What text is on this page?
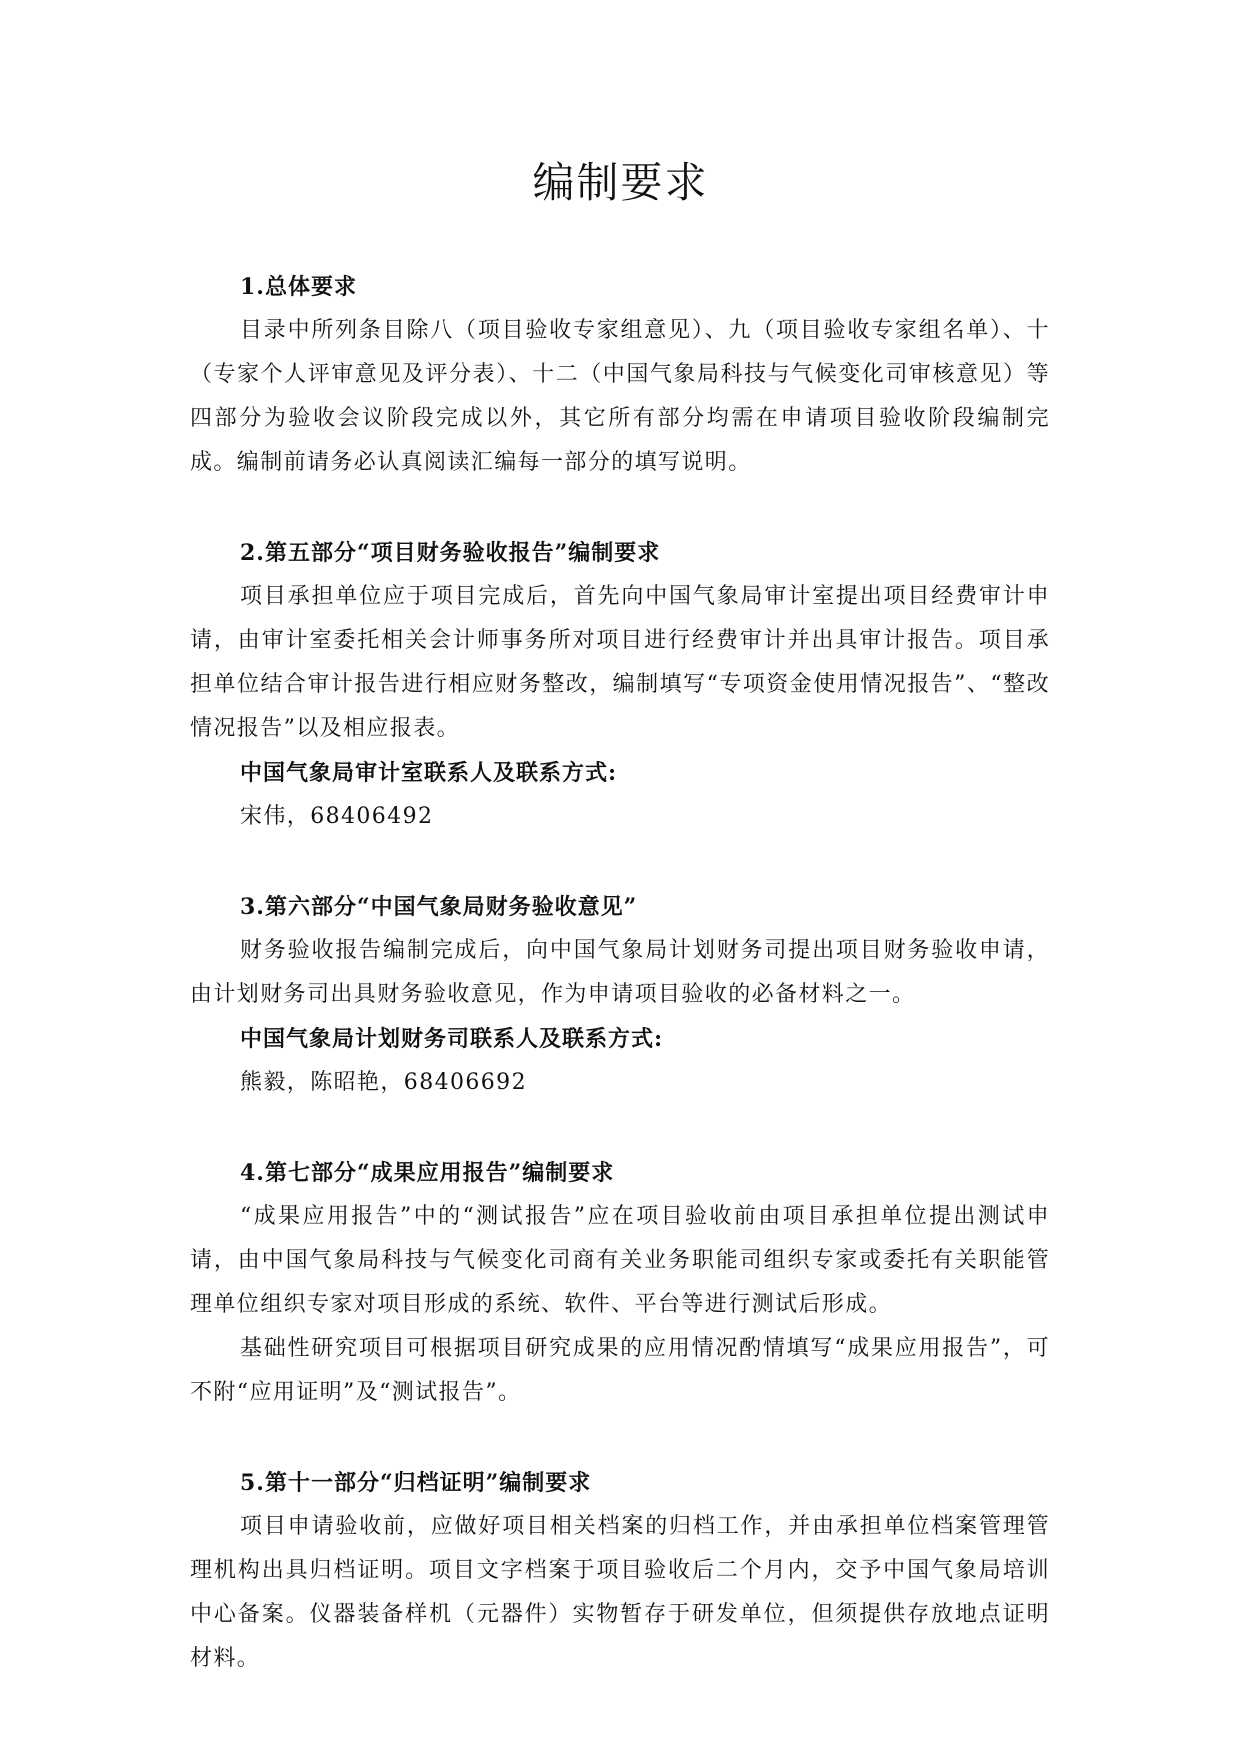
编制要求
1.总体要求

目录中所列条目除八（项目验收专家组意见）、九（项目验收专家组名单）、十（专家个人评审意见及评分表）、十二（中国气象局科技与气候变化司审核意见）等四部分为验收会议阶段完成以外，其它所有部分均需在申请项目验收阶段编制完成。编制前请务必认真阅读汇编每一部分的填写说明。

2.第五部分“项目财务验收报告”编制要求

项目承担单位应于项目完成后，首先向中国气象局审计室提出项目经费审计申请，由审计室委托相关会计师事务所对项目进行经费审计并出具审计报告。项目承担单位结合审计报告进行相应财务整改，编制填写“专项资金使用情况报告”、“整改情况报告”以及相应报表。

中国气象局审计室联系人及联系方式:
宋伟，68406492
3.第六部分“中国气象局财务验收意见”

财务验收报告编制完成后，向中国气象局计划财务司提出项目财务验收申请，由计划财务司出具财务验收意见，作为申请项目验收的必备材料之一。

中国气象局计划财务司联系人及联系方式:
熊毅，陈昭艳，68406692
4.第七部分“成果应用报告”编制要求

“成果应用报告”中的“测试报告”应在项目验收前由项目承担单位提出测试申请，由中国气象局科技与气候变化司商有关业务职能司组织专家或委托有关职能管理单位组织专家对项目形成的系统、软件、平台等进行测试后形成。

基础性研究项目可根据项目研究成果的应用情况酌情填写“成果应用报告”，可不附“应用证明”及“测试报告”。

5.第十一部分“归档证明”编制要求

项目申请验收前，应做好项目相关档案的归档工作，并由承担单位档案管理管理机构出具归档证明。项目文字档案于项目验收后二个月内，交予中国气象局培训中心备案。仪器装备样机（元器件）实物暂存于研发单位，但须提供存放地点证明材料。
